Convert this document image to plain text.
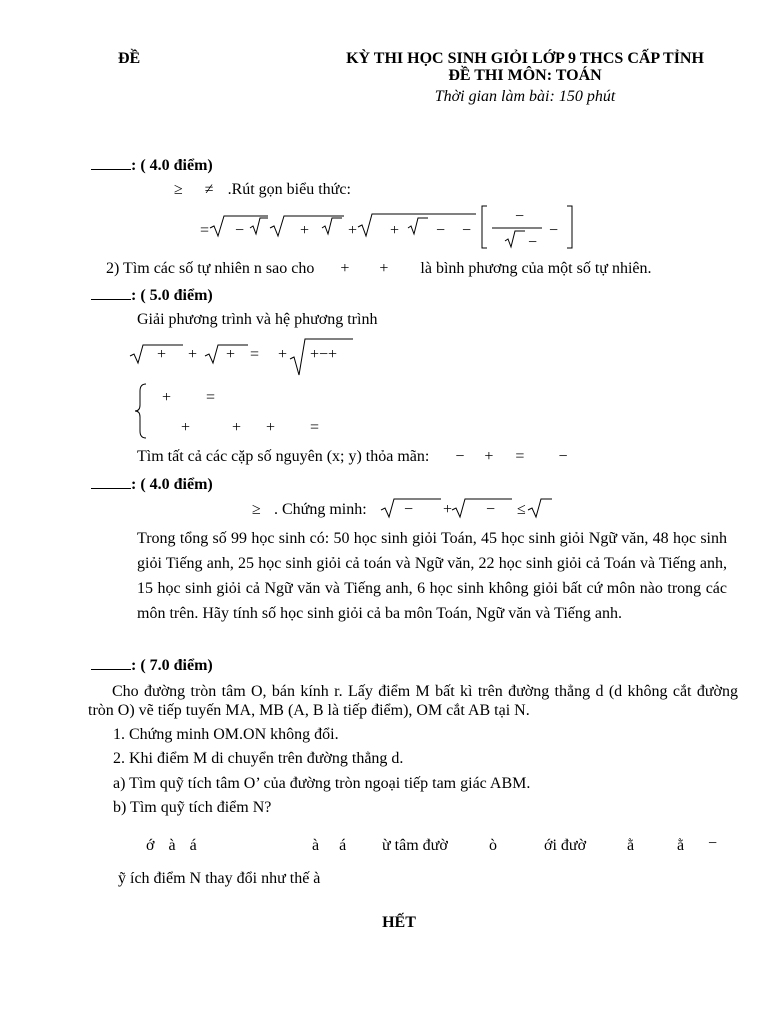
ĐỀ	KỲ THI HỌC SINH GIỎI LỚP 9 THCS CẤP TỈNH
ĐỀ THI MÔN: TOÁN
Thời gian làm bài: 150 phút
: ( 4.0 điểm)
≥ ≠ .Rút gọn biểu thức:
= −	+ + + − −
−
−
−
2) Tìm các số tự nhiên n sao cho + + là bình phương của một số tự nhiên.
: ( 5.0 điểm)
Giải phương trình và hệ phương trình
+ + + = + +−+
+ =
+	+ + =
Tìm tất cả các cặp số nguyên (x; y) thỏa mãn: − + = −
: ( 4.0 điểm)
≥ . Chứng minh: − + − ≤
Trong tổng số 99 học sinh có: 50 học sinh giỏi Toán, 45 học sinh giỏi Ngữ văn, 48 học sinh giỏi Tiếng anh, 25 học sinh giỏi cả toán và Ngữ văn, 22 học sinh giỏi cả Toán và Tiếng anh, 15 học sinh giỏi cả Ngữ văn và Tiếng anh, 6 học sinh không giỏi bất cứ môn nào trong các môn trên. Hãy tính số học sinh giỏi cả ba môn Toán, Ngữ văn và Tiếng anh.
: ( 7.0 điểm)
Cho đường tròn tâm O, bán kính r. Lấy điểm M bất kì trên đường thẳng d (d không cắt đường tròn O) vẽ tiếp tuyến MA, MB (A, B là tiếp điểm), OM cắt AB tại N.
1. Chứng minh OM.ON không đổi.
2. Khi điểm M di chuyển trên đường thẳng d.
a) Tìm quỹ tích tâm O’ của đường tròn ngoại tiếp tam giác ABM.
b) Tìm quỹ tích điểm N?
ớ à á	à á ừ tâm đườ	ò	ới đườ	ằ	ằ −
ỹ ích điểm N thay đổi như thế à
HẾT
